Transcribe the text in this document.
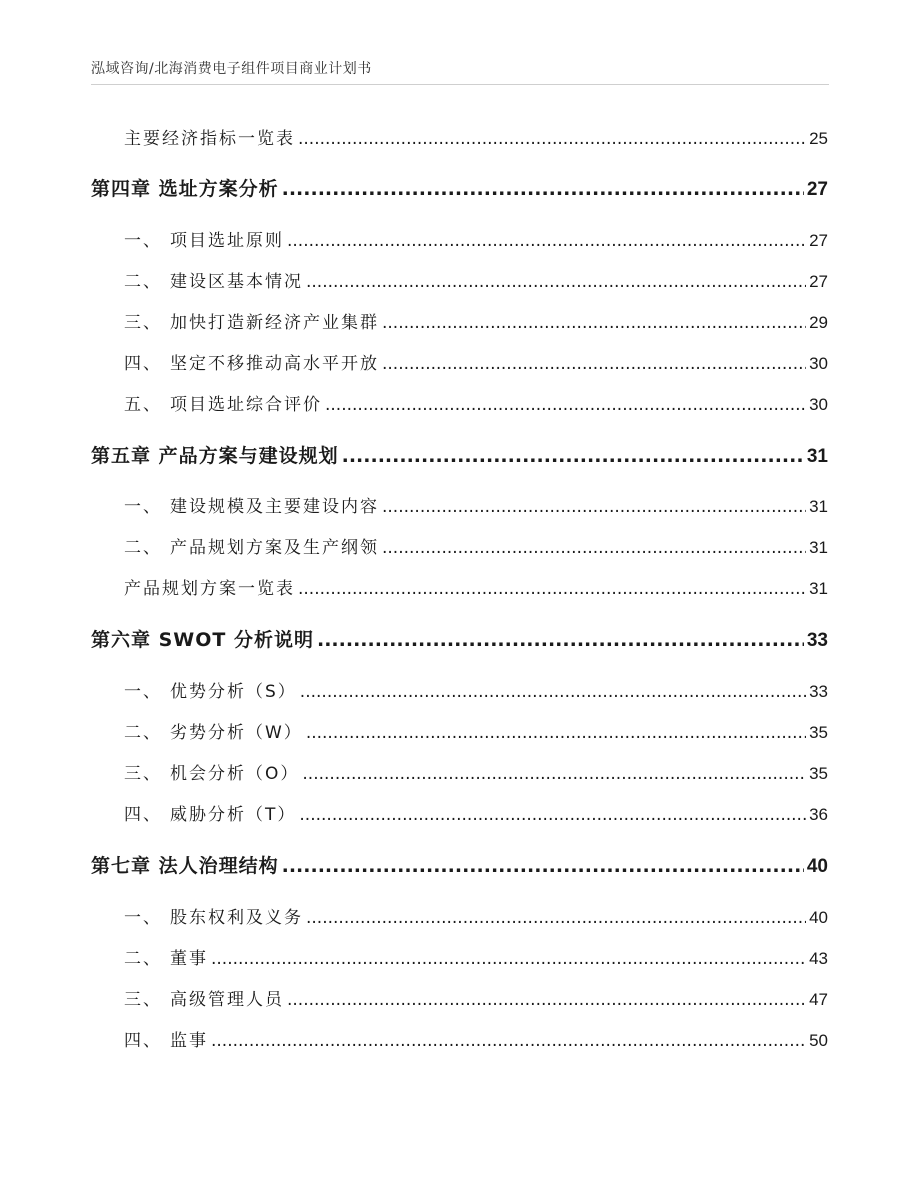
泓域咨询/北海消费电子组件项目商业计划书
主要经济指标一览表 .....	25
第四章 选址方案分析 .....	27
一、 项目选址原则 .....	27
二、 建设区基本情况 .....	27
三、 加快打造新经济产业集群 .....	29
四、 坚定不移推动高水平开放 .....	30
五、 项目选址综合评价 .....	30
第五章 产品方案与建设规划 .....	31
一、 建设规模及主要建设内容 .....	31
二、 产品规划方案及生产纲领 .....	31
产品规划方案一览表 .....	31
第六章 SWOT 分析说明 .....	33
一、 优势分析（S） .....	33
二、 劣势分析（W） .....	35
三、 机会分析（O） .....	35
四、 威胁分析（T） .....	36
第七章 法人治理结构 .....	40
一、 股东权利及义务 .....	40
二、 董事 .....	43
三、 高级管理人员 .....	47
四、 监事 .....	50
